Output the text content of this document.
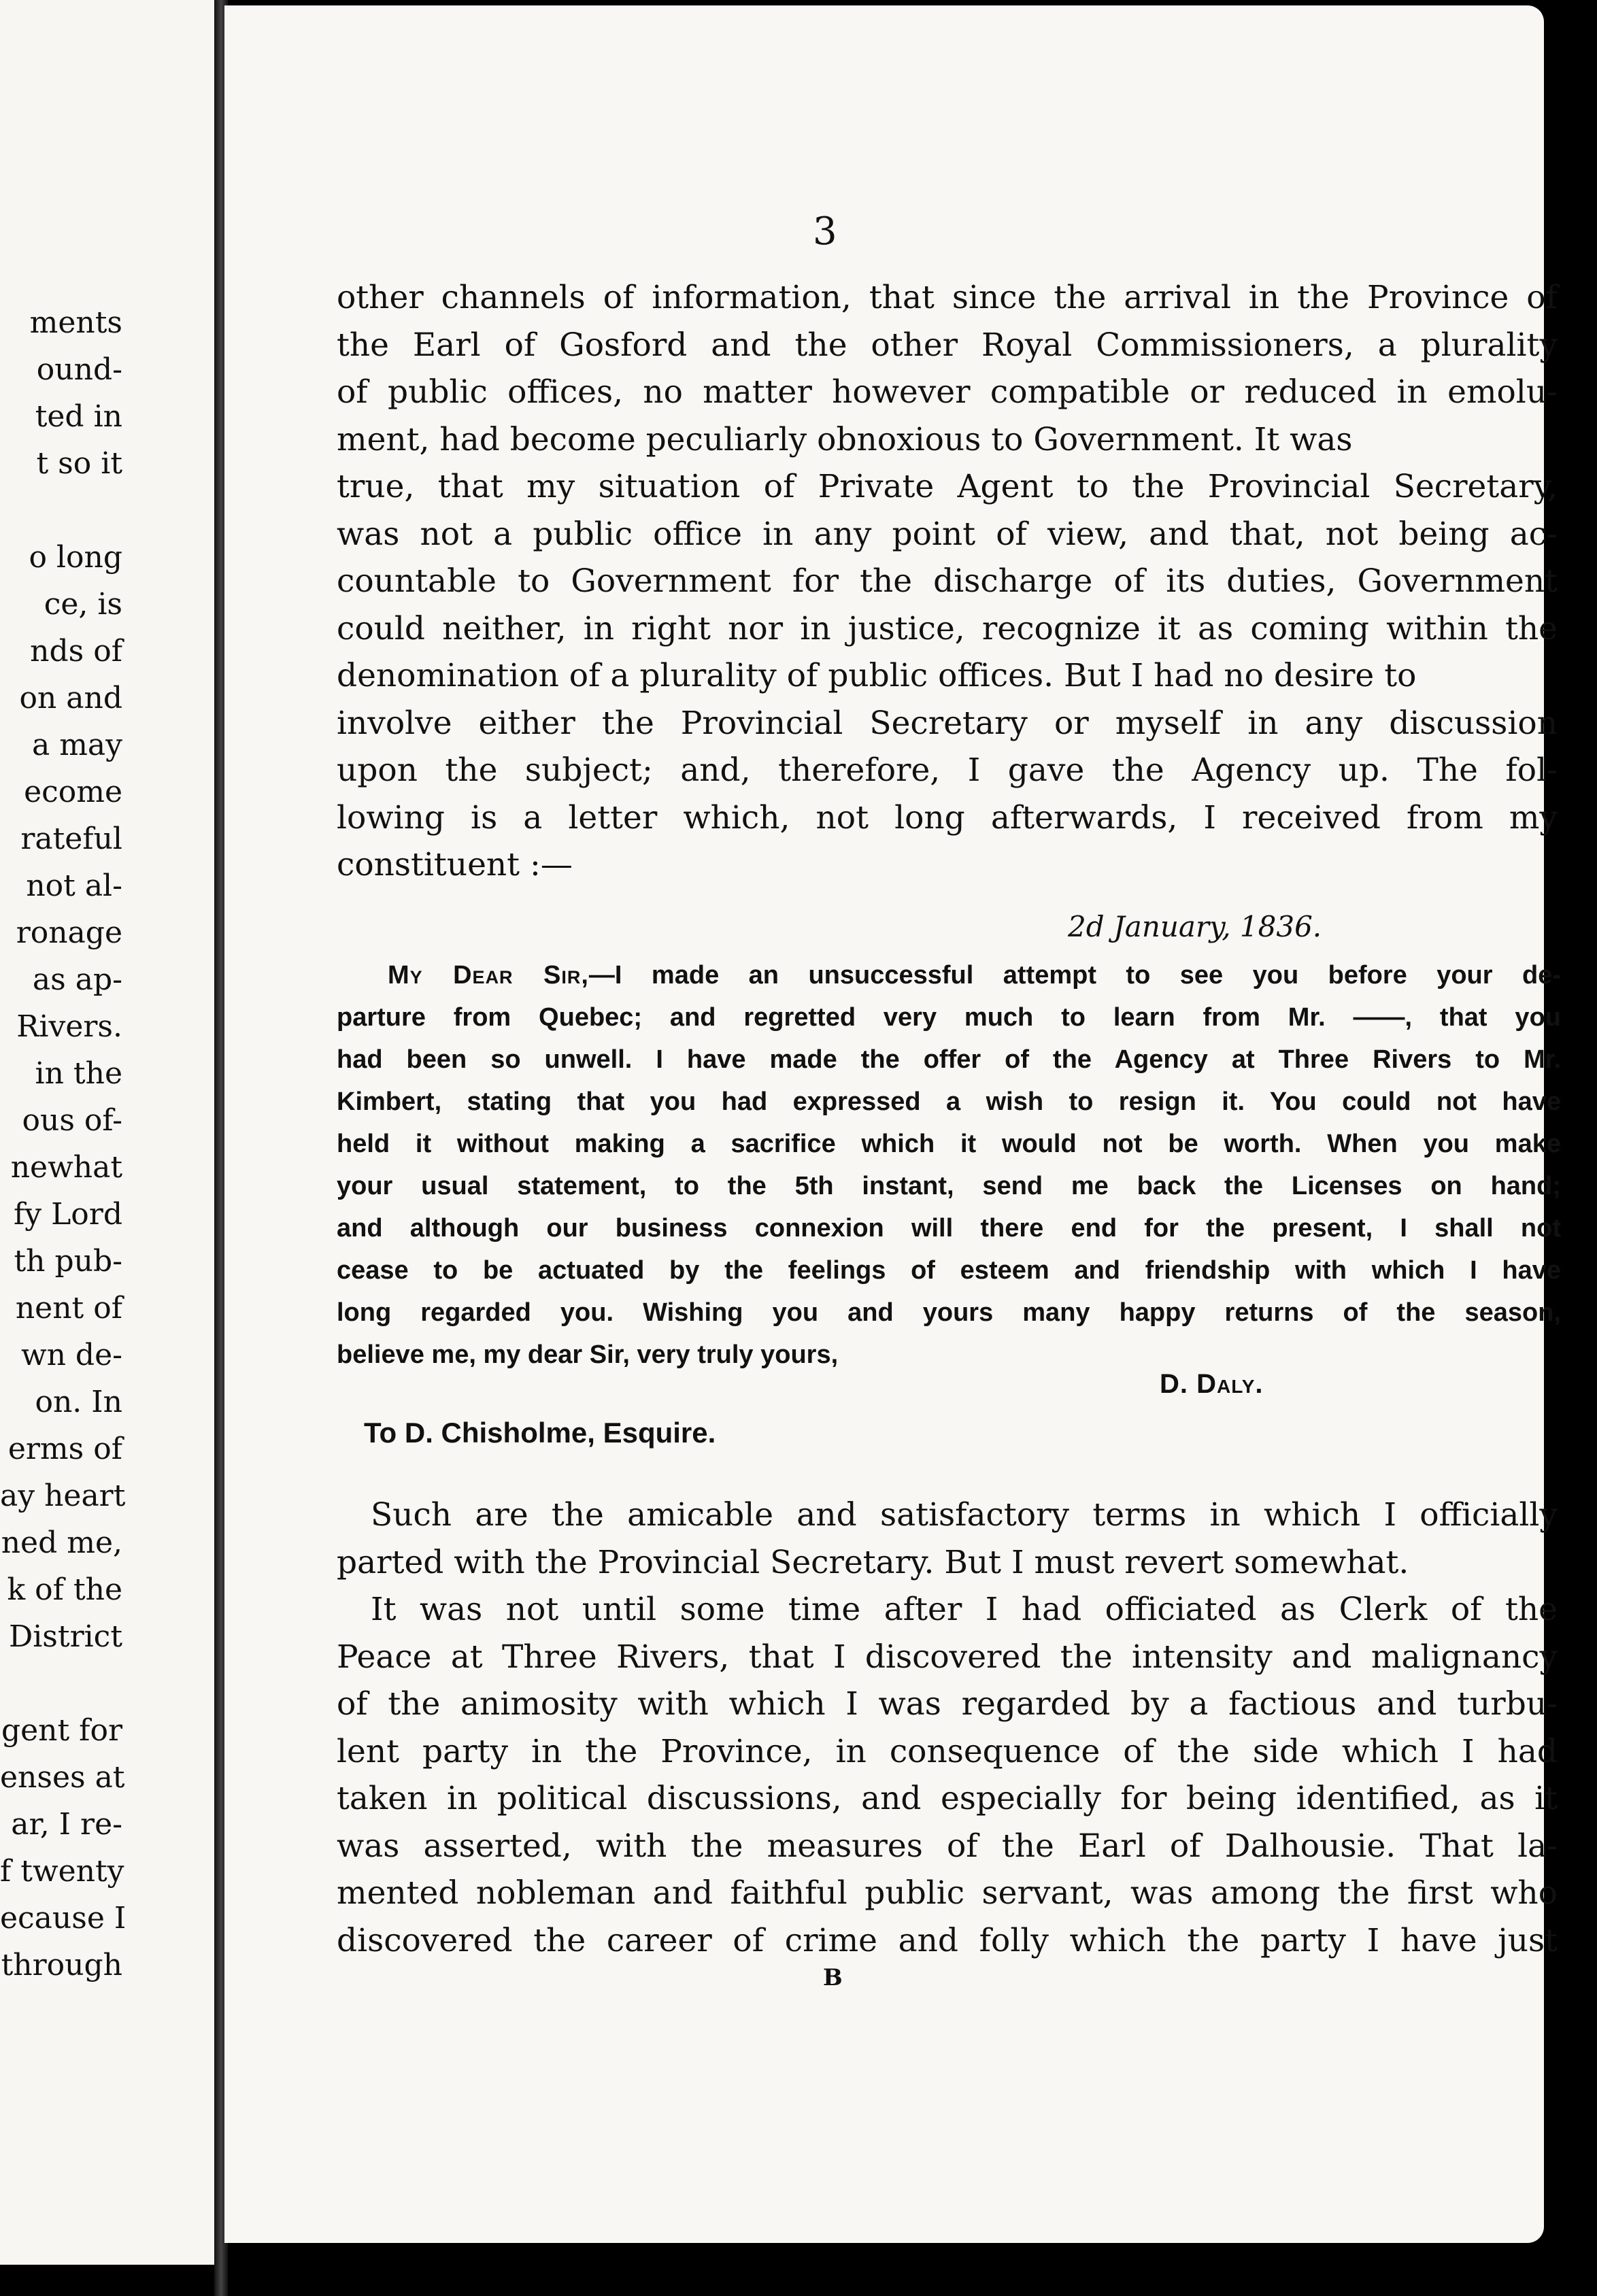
ments
ound-
ted in
t so it
o long
ce, is
nds of
on and
a may
ecome
rateful
not al-
ronage
as ap-
Rivers.
in the
ous of-
newhat
fy Lord
th pub-
nent of
wn de-
on. In
erms of
ay heart
ned me,
k of the
District
gent for
enses at
ar, I re-
f twenty
ecause I
through
3
other channels of information, that since the arrival in the Province of
the Earl of Gosford and the other Royal Commissioners, a plurality
of public offices, no matter however compatible or reduced in emolu-
ment, had become peculiarly obnoxious to Government. It was
true, that my situation of Private Agent to the Provincial Secretary,
was not a public office in any point of view, and that, not being ac-
countable to Government for the discharge of its duties, Government
could neither, in right nor in justice, recognize it as coming within the
denomination of a plurality of public offices. But I had no desire to
involve either the Provincial Secretary or myself in any discussion
upon the subject; and, therefore, I gave the Agency up. The fol-
lowing is a letter which, not long afterwards, I received from my
constituent :—
2d January, 1836.
My Dear Sir,—I made an unsuccessful attempt to see you before your de-
parture from Quebec; and regretted very much to learn from Mr. ——, that you
had been so unwell. I have made the offer of the Agency at Three Rivers to Mr.
Kimbert, stating that you had expressed a wish to resign it. You could not have
held it without making a sacrifice which it would not be worth. When you make
your usual statement, to the 5th instant, send me back the Licenses on hand;
and although our business connexion will there end for the present, I shall not
cease to be actuated by the feelings of esteem and friendship with which I have
long regarded you. Wishing you and yours many happy returns of the season,
believe me, my dear Sir, very truly yours,
D. Daly.
To D. Chisholme, Esquire.
Such are the amicable and satisfactory terms in which I officially
parted with the Provincial Secretary. But I must revert somewhat.
It was not until some time after I had officiated as Clerk of the
Peace at Three Rivers, that I discovered the intensity and malignancy
of the animosity with which I was regarded by a factious and turbu-
lent party in the Province, in consequence of the side which I had
taken in political discussions, and especially for being identified, as it
was asserted, with the measures of the Earl of Dalhousie. That la-
mented nobleman and faithful public servant, was among the first who
discovered the career of crime and folly which the party I have just
B
